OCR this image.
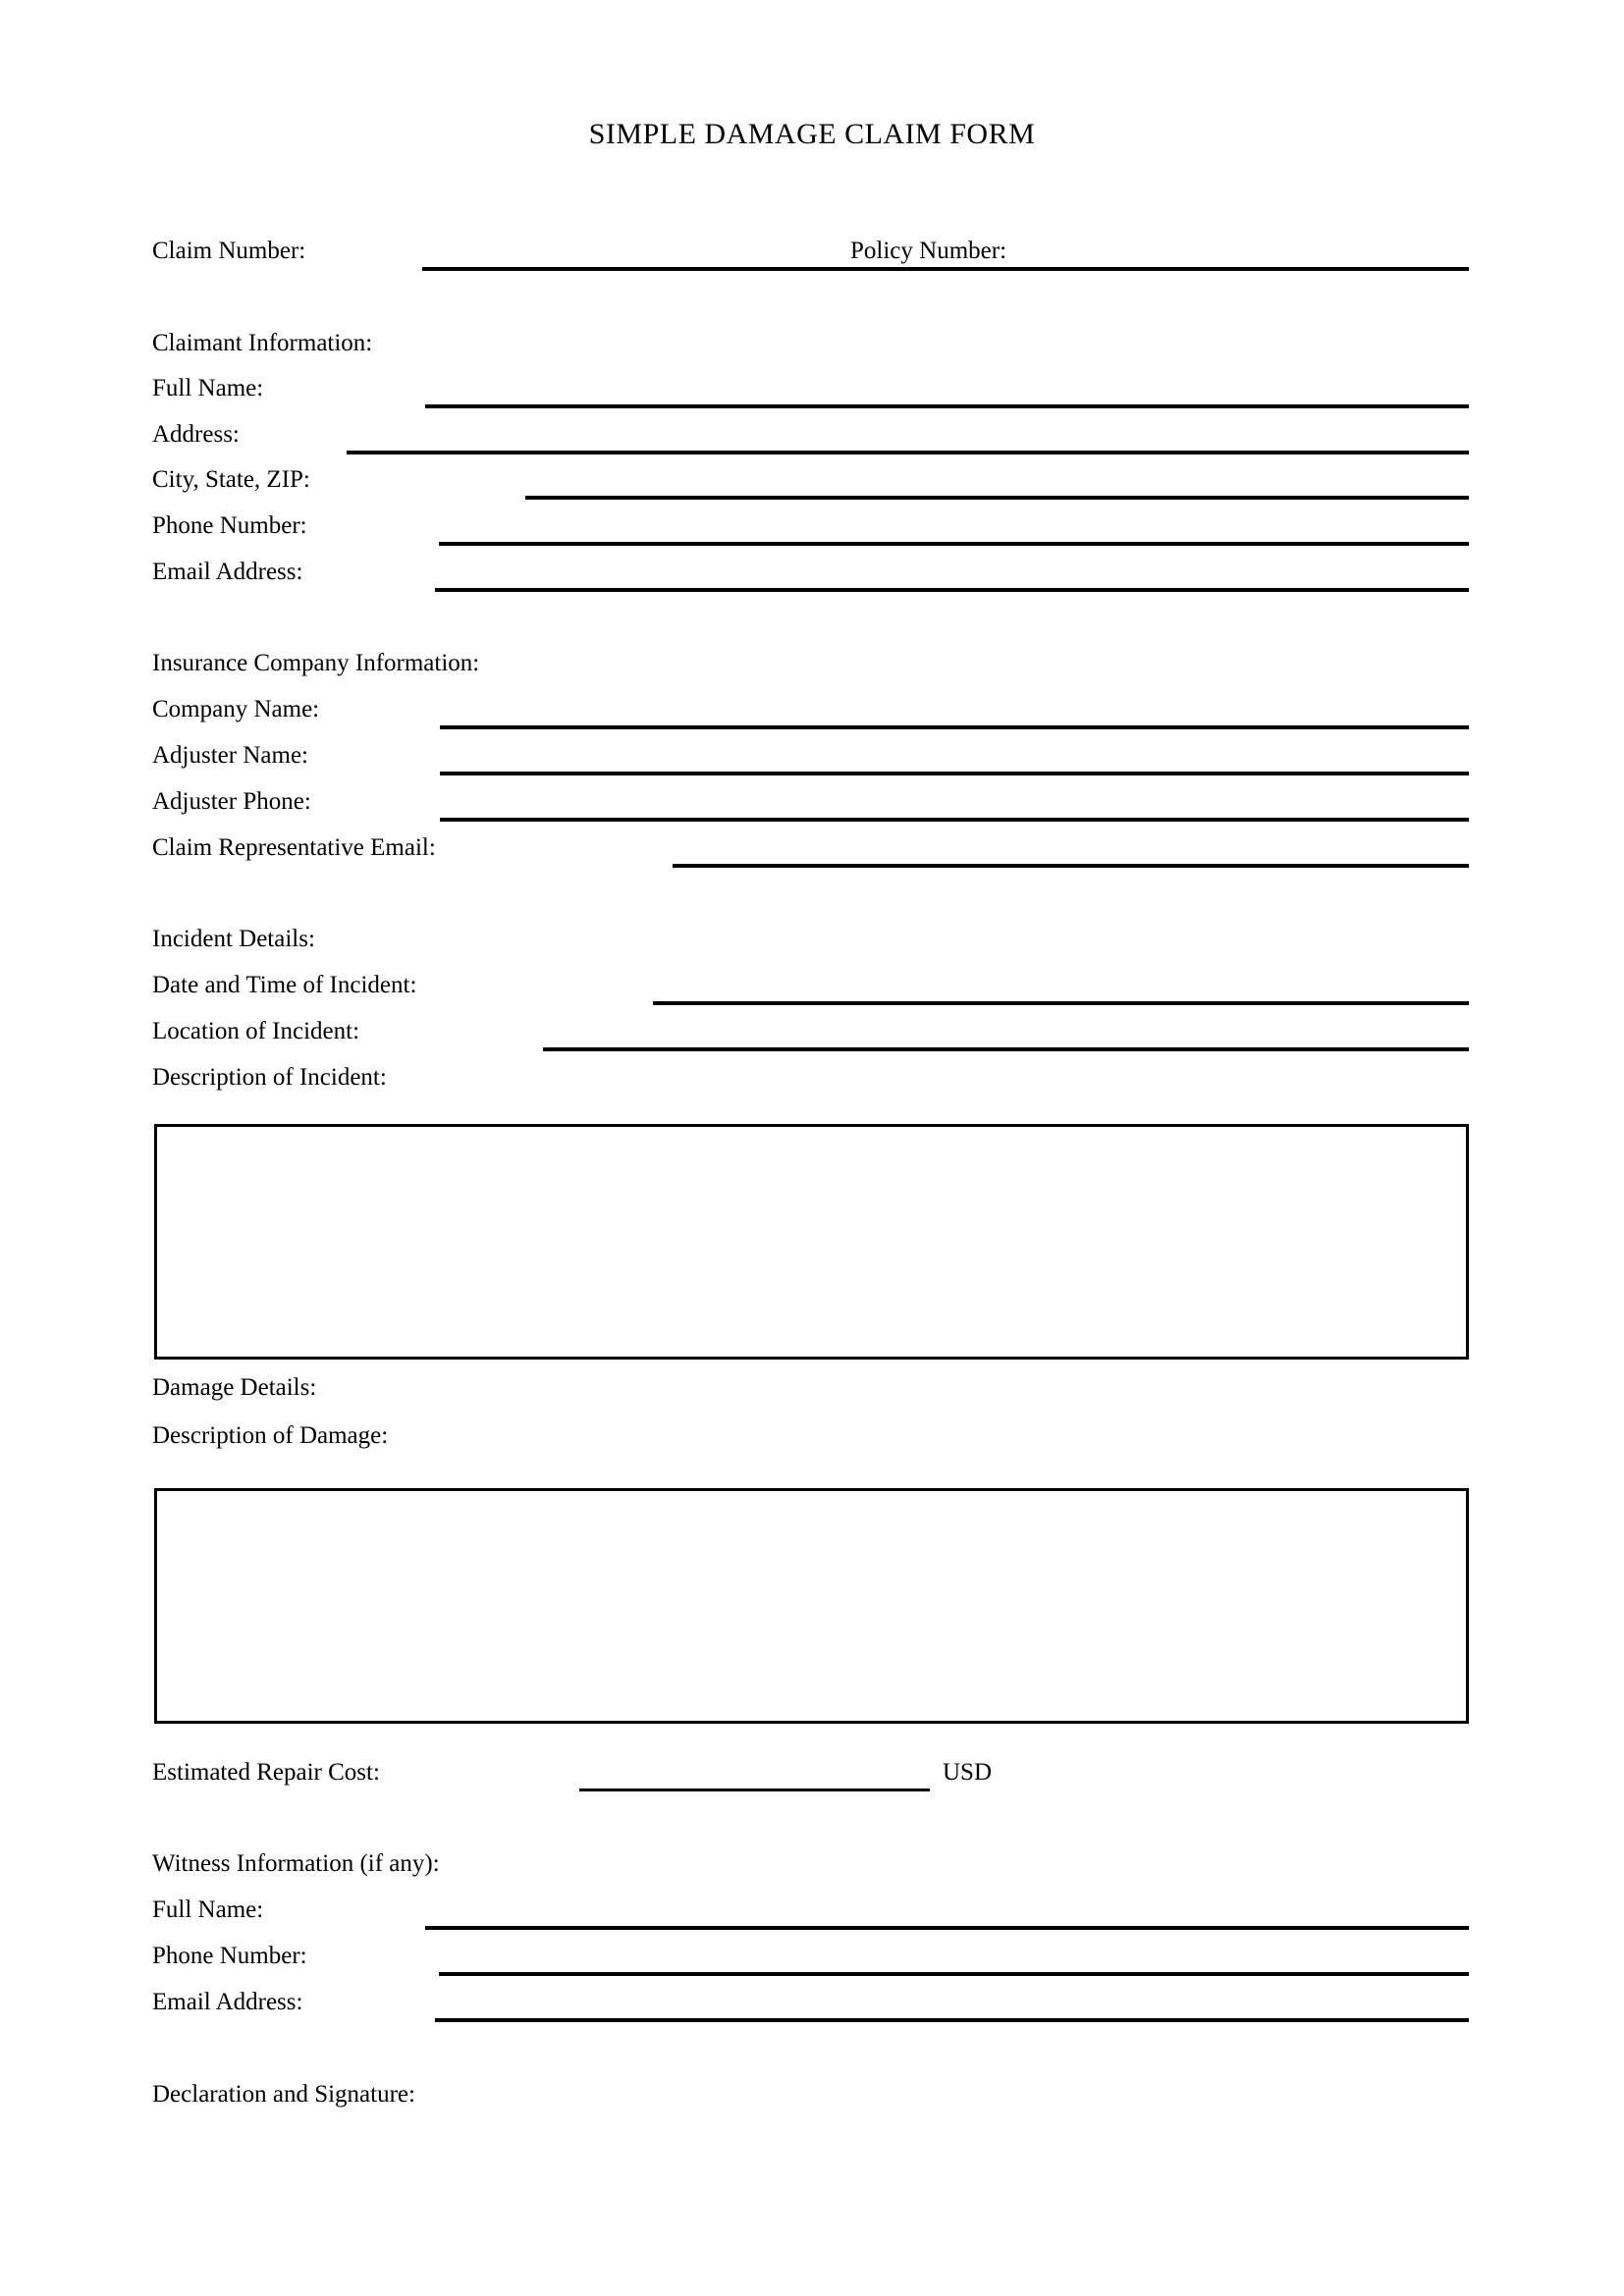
SIMPLE DAMAGE CLAIM FORM
Claim Number:	Policy Number:
Claimant Information:
Full Name:
Address:
City, State, ZIP:
Phone Number:
Email Address:
Insurance Company Information:
Company Name:
Adjuster Name:
Adjuster Phone:
Claim Representative Email:
Incident Details:
Date and Time of Incident:
Location of Incident:
Description of Incident:
Damage Details:
Description of Damage:
Estimated Repair Cost:	USD
Witness Information (if any):
Full Name:
Phone Number:
Email Address:
Declaration and Signature:
